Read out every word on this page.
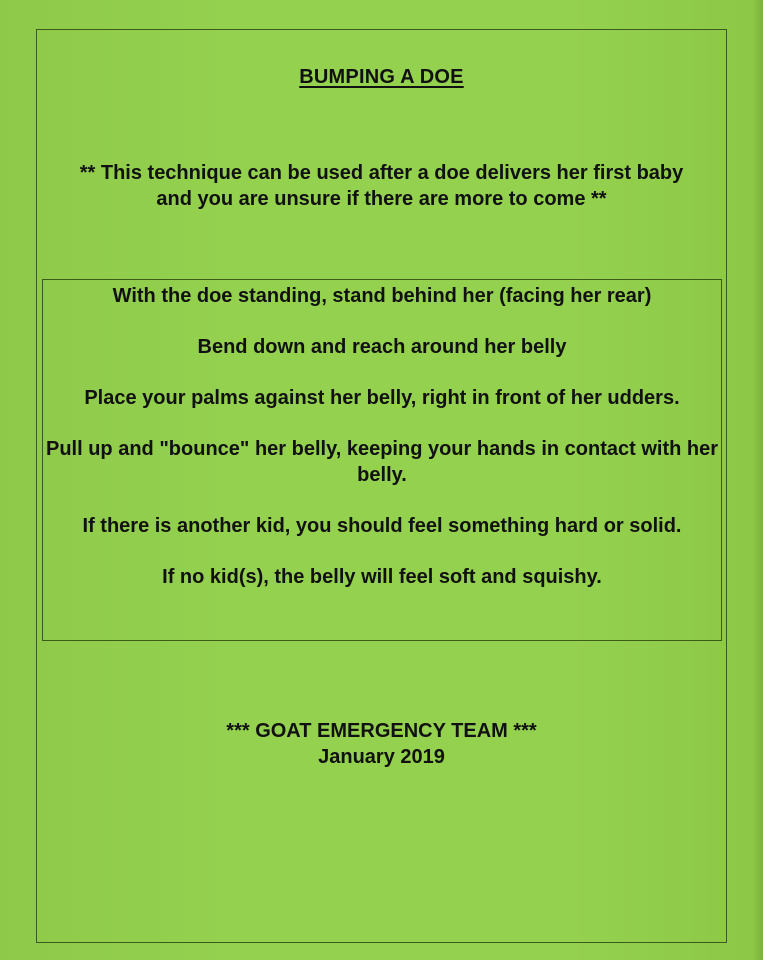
BUMPING A DOE
** This technique can be used after a doe delivers her first baby and you are unsure if there are more to come **
With the doe standing, stand behind her (facing her rear)
Bend down and reach around her belly
Place your palms against her belly, right in front of her udders.
Pull up and "bounce" her belly, keeping your hands in contact with her belly.
If there is another kid, you should feel something hard or solid.
If no kid(s), the belly will feel soft and squishy.
*** GOAT EMERGENCY TEAM ***
January 2019
